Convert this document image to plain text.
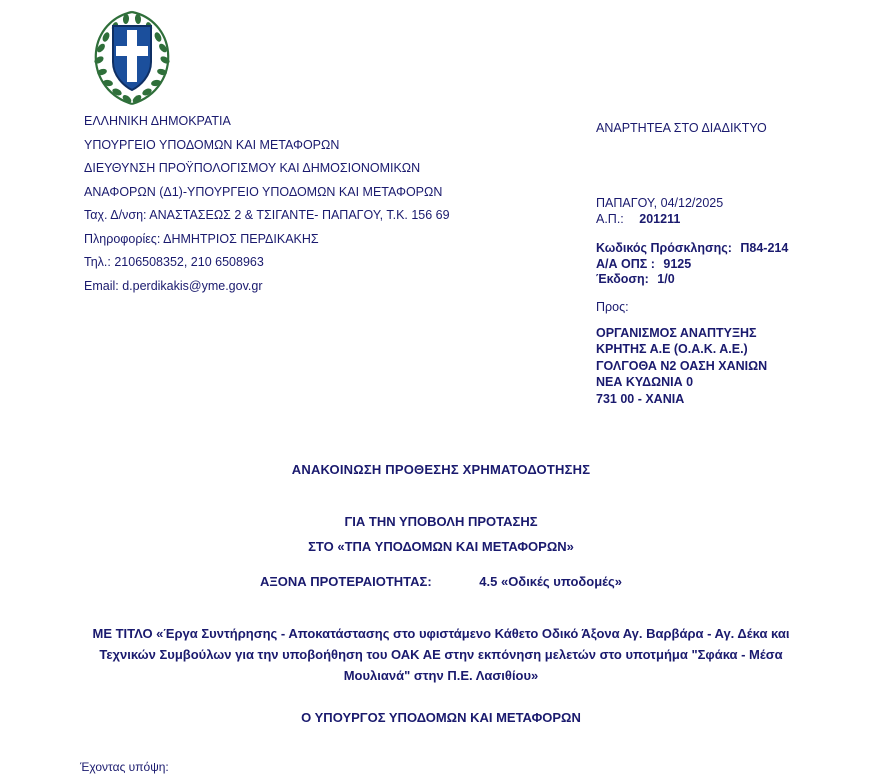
ΕΛΛΗΝΙΚΗ ΔΗΜΟΚΡΑΤΙΑ
ΥΠΟΥΡΓΕΙΟ ΥΠΟΔΟΜΩΝ ΚΑΙ ΜΕΤΑΦΟΡΩΝ
ΔΙΕΥΘΥΝΣΗ ΠΡΟΫΠΟΛΟΓΙΣΜΟΥ ΚΑΙ ΔΗΜΟΣΙΟΝΟΜΙΚΩΝ
ΑΝΑΦΟΡΩΝ (Δ1)-ΥΠΟΥΡΓΕΙΟ ΥΠΟΔΟΜΩΝ ΚΑΙ ΜΕΤΑΦΟΡΩΝ
Ταχ. Δ/νση: ΑΝΑΣΤΑΣΕΩΣ 2 & ΤΣΙΓΑΝΤΕ- ΠΑΠΑΓΟΥ, Τ.Κ. 156 69
Πληροφορίες: ΔΗΜΗΤΡΙΟΣ ΠΕΡΔΙΚΑΚΗΣ
Τηλ.: 2106508352, 210 6508963
Email: d.perdikakis@yme.gov.gr
ΑΝΑΡΤΗΤΕΑ ΣΤΟ ΔΙΑΔΙΚΤΥΟ
ΠΑΠΑΓΟΥ, 04/12/2025
Α.Π.: 201211
Κωδικός Πρόσκλησης: Π84-214
Α/Α ΟΠΣ : 9125
Έκδοση: 1/0
Προς:
ΟΡΓΑΝΙΣΜΟΣ ΑΝΑΠΤΥΞΗΣ
ΚΡΗΤΗΣ Α.Ε (Ο.Α.Κ. Α.Ε.)
ΓΟΛΓΟΘΑ Ν2 ΟΑΣΗ ΧΑΝΙΩΝ
ΝΕΑ ΚΥΔΩΝΙΑ 0
731 00 - ΧΑΝΙΑ
ΑΝΑΚΟΙΝΩΣΗ ΠΡΟΘΕΣΗΣ ΧΡΗΜΑΤΟΔΟΤΗΣΗΣ
ΓΙΑ ΤΗΝ ΥΠΟΒΟΛΗ ΠΡΟΤΑΣΗΣ
ΣΤΟ «ΤΠΑ ΥΠΟΔΟΜΩΝ ΚΑΙ ΜΕΤΑΦΟΡΩΝ»
ΑΞΟΝΑ ΠΡΟΤΕΡΑΙΟΤΗΤΑΣ:	4.5 «Οδικές υποδομές»
ΜΕ ΤΙΤΛΟ «Έργα Συντήρησης - Αποκατάστασης στο υφιστάμενο Κάθετο Οδικό Άξονα Αγ. Βαρβάρα - Αγ. Δέκα και Τεχνικών Συμβούλων για την υποβοήθηση του ΟΑΚ ΑΕ στην εκπόνηση μελετών στο υποτμήμα "Σφάκα - Μέσα Μουλιανά" στην Π.Ε. Λασιθίου»
Ο ΥΠΟΥΡΓΟΣ ΥΠΟΔΟΜΩΝ ΚΑΙ ΜΕΤΑΦΟΡΩΝ
Έχοντας υπόψη:
